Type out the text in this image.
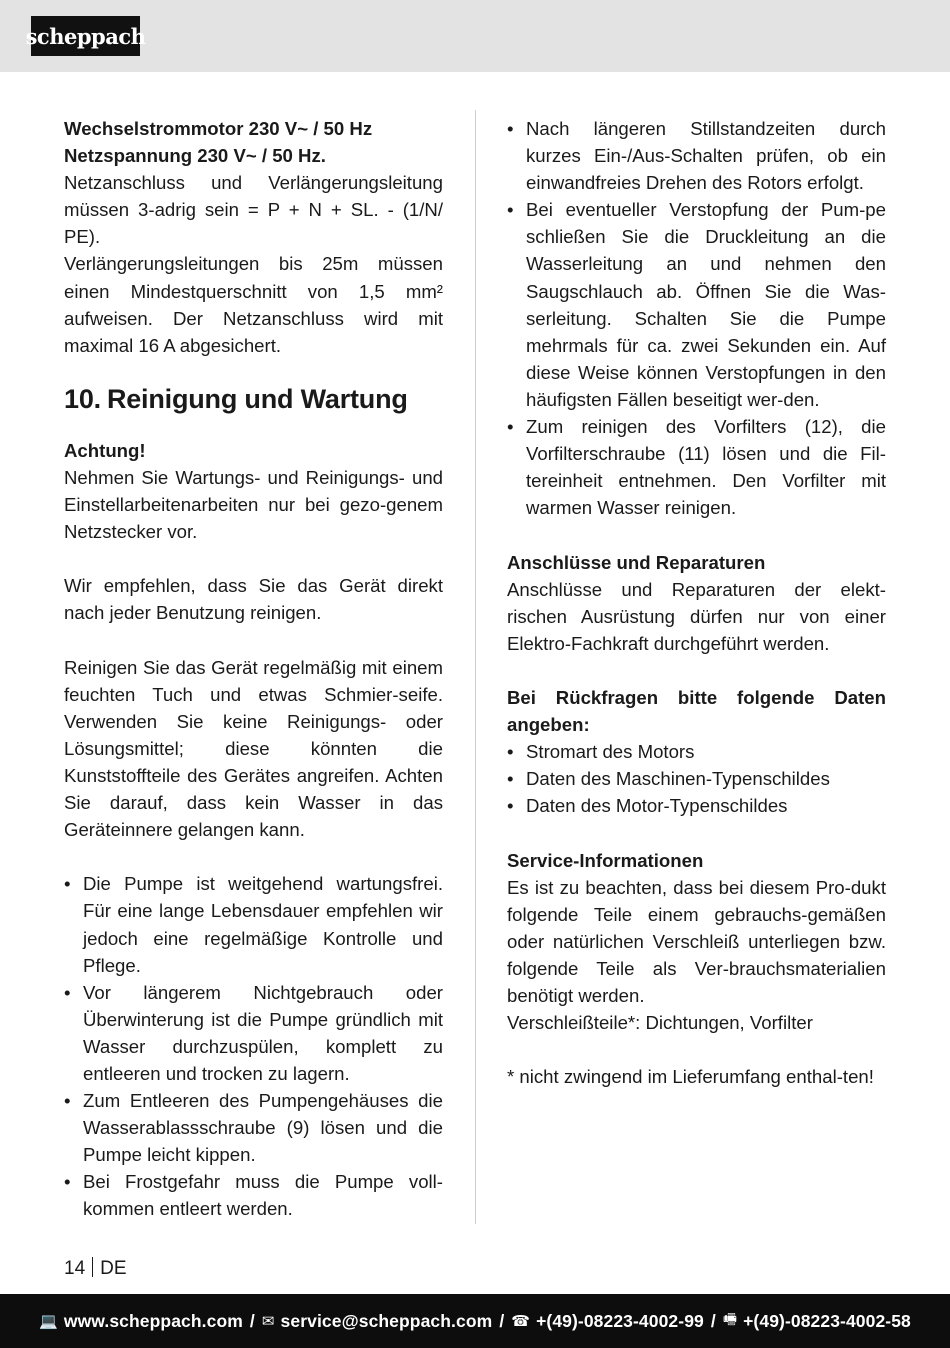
scheppach

Wechselstrommotor 230 V~ / 50 Hz
Netzspannung 230 V~ / 50 Hz.
Netzanschluss und Verlängerungsleitung müssen 3-adrig sein = P + N + SL. - (1/N/ PE).

Verlängerungsleitungen bis 25m müssen einen Mindestquerschnitt von 1,5 mm² aufweisen. Der Netzanschluss wird mit maximal 16 A abgesichert.

10. Reinigung und Wartung

Achtung!

Nehmen Sie Wartungs- und Reinigungs- und Einstellarbeitenarbeiten nur bei gezo-genem Netzstecker vor.

Wir empfehlen, dass Sie das Gerät direkt nach jeder Benutzung reinigen.

Reinigen Sie das Gerät regelmäßig mit einem feuchten Tuch und etwas Schmier-seife. Verwenden Sie keine Reinigungs- oder Lösungsmittel; diese könnten die Kunststoffteile des Gerätes angreifen. Achten Sie darauf, dass kein Wasser in das Geräteinnere gelangen kann.

• Die Pumpe ist weitgehend wartungsfrei. Für eine lange Lebensdauer empfehlen wir jedoch eine regelmäßige Kontrolle und Pflege.
• Vor längerem Nichtgebrauch oder Überwinterung ist die Pumpe gründlich mit Wasser durchzuspülen, komplett zu entleeren und trocken zu lagern.
• Zum Entleeren des Pumpengehäuses die Wasserablassschraube (9) lösen und die Pumpe leicht kippen.
• Bei Frostgefahr muss die Pumpe voll-kommen entleert werden.
• Nach längeren Stillstandzeiten durch kurzes Ein-/Aus-Schalten prüfen, ob ein einwandfreies Drehen des Rotors erfolgt.
• Bei eventueller Verstopfung der Pum-pe schließen Sie die Druckleitung an die Wasserleitung an und nehmen den Saugschlauch ab. Öffnen Sie die Was-serleitung. Schalten Sie die Pumpe mehrmals für ca. zwei Sekunden ein. Auf diese Weise können Verstopfungen in den häufigsten Fällen beseitigt wer-den.
• Zum reinigen des Vorfilters (12), die Vorfilterschraube (11) lösen und die Fil-tereinheit entnehmen. Den Vorfilter mit warmen Wasser reinigen.

Anschlüsse und Reparaturen

Anschlüsse und Reparaturen der elekt-rischen Ausrüstung dürfen nur von einer Elektro-Fachkraft durchgeführt werden.

Bei Rückfragen bitte folgende Daten angeben:

• Stromart des Motors
• Daten des Maschinen-Typenschildes
• Daten des Motor-Typenschildes

Service-Informationen

Es ist zu beachten, dass bei diesem Pro-dukt folgende Teile einem gebrauchs-gemäßen oder natürlichen Verschleiß unterliegen bzw. folgende Teile als Ver-brauchsmaterialien benötigt werden.

Verschleißteile*: Dichtungen, Vorfilter

* nicht zwingend im Lieferumfang enthal-ten!

14 DE
💻 www.scheppach.com / ✉ service@scheppach.com / ☎ +(49)-08223-4002-99 / 🖷 +(49)-08223-4002-58
